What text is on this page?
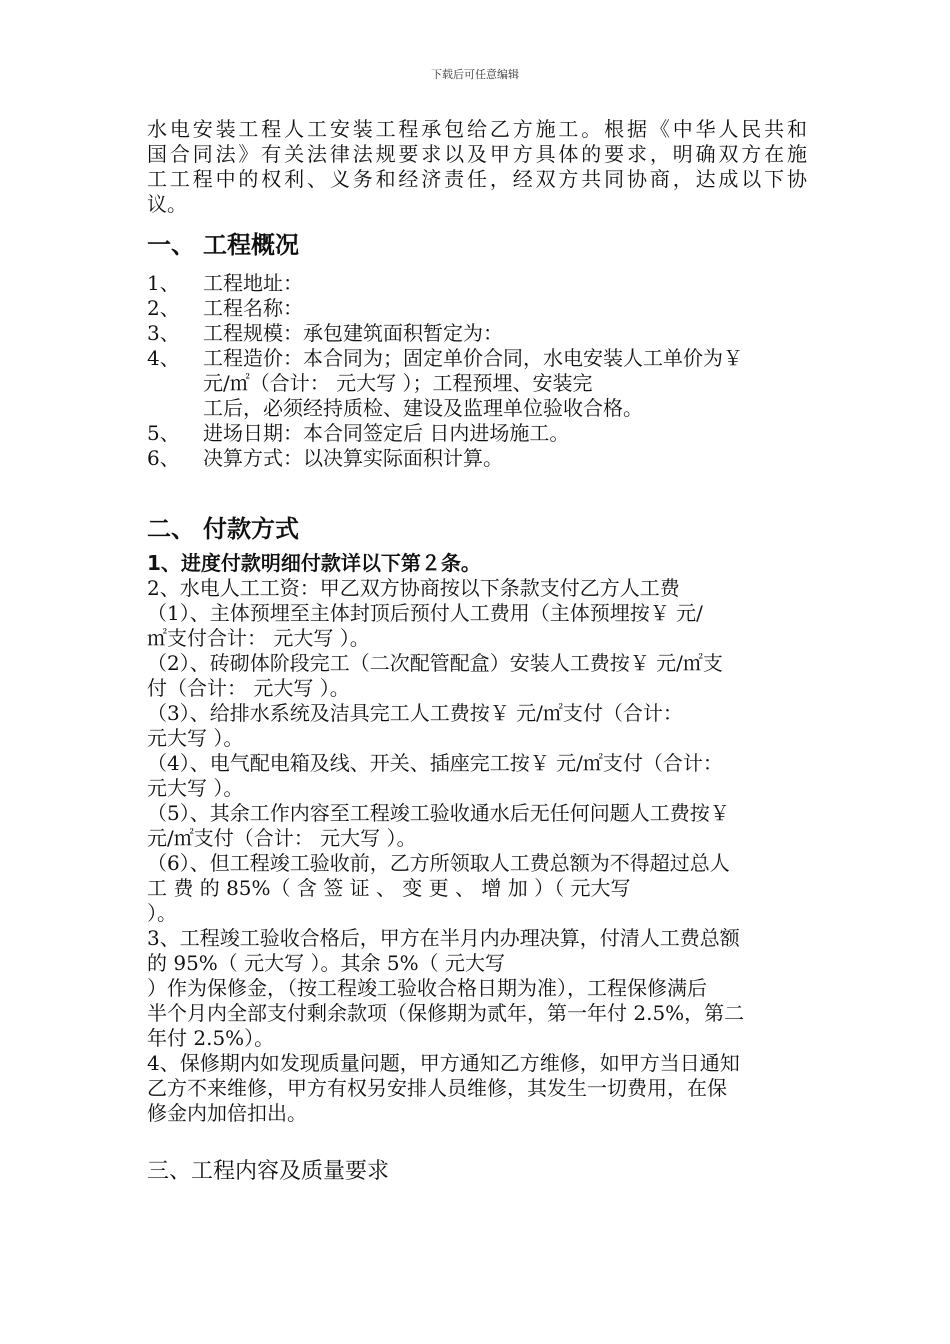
下载后可任意编辑
水电安装工程人工安装工程承包给乙方施工。根据《中华人民共和
国合同法》有关法律法规要求以及甲方具体的要求，明确双方在施
工工程中的权利、义务和经济责任，经双方共同协商，达成以下协
议。
一、 工程概况
1、 工程地址：
2、 工程名称：
3、 工程规模：承包建筑面积暂定为：
4、 工程造价：本合同为；固定单价合同，水电安装人工单价为￥
元/㎡（合计： 元大写 ）；工程预埋、安装完
工后，必须经持质检、建设及监理单位验收合格。
5、 进场日期：本合同签定后 日内进场施工。
6、 决算方式：以决算实际面积计算。
二、 付款方式
1、进度付款明细付款详以下第２条。
2、水电人工工资：甲乙双方协商按以下条款支付乙方人工费
（1）、主体预埋至主体封顶后预付人工费用（主体预埋按￥ 元/
㎡支付合计： 元大写 ）。
（2）、砖砌体阶段完工（二次配管配盒）安装人工费按￥ 元/㎡支
付（合计： 元大写 ）。
（3）、给排水系统及洁具完工人工费按￥ 元/㎡支付（合计：
元大写 ）。
（4）、电气配电箱及线、开关、插座完工按￥ 元/㎡支付（合计：
元大写 ）。
（5）、其余工作内容至工程竣工验收通水后无任何问题人工费按￥
元/㎡支付（合计： 元大写 ）。
（6）、但工程竣工验收前，乙方所领取人工费总额为不得超过总人
工 费 的 85%（ 含 签 证 、 变 更 、 增 加 ）（ 元大写
）。
3、工程竣工验收合格后，甲方在半月内办理决算，付清人工费总额
的 95%（ 元大写 ）。其余 5%（ 元大写
）作为保修金，（按工程竣工验收合格日期为准），工程保修满后
半个月内全部支付剩余款项（保修期为贰年，第一年付 2.5%，第二
年付 2.5%）。
4、保修期内如发现质量问题，甲方通知乙方维修，如甲方当日通知
乙方不来维修，甲方有权另安排人员维修，其发生一切费用，在保
修金内加倍扣出。
三、工程内容及质量要求
